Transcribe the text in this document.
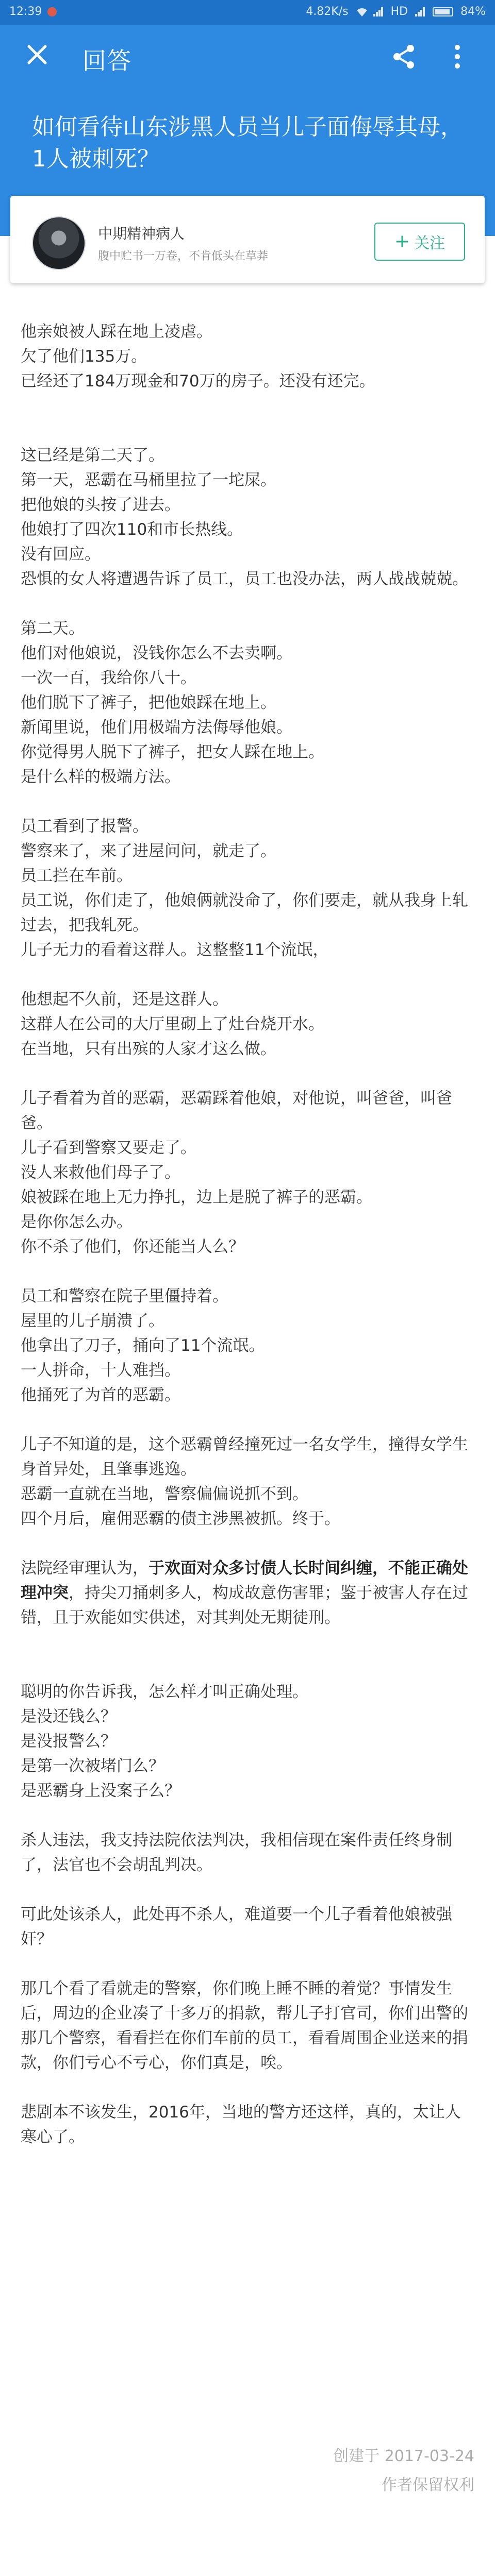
12:39	4.82K/s	HD	84%
回答
如何看待山东涉黑人员当儿子面侮辱其母，1人被刺死？
中期精神病人
腹中贮书一万卷，不肯低头在草莽
+ 关注

他亲娘被人踩在地上凌虐。
欠了他们135万。
已经还了184万现金和70万的房子。还没有还完。

这已经是第二天了。
第一天，恶霸在马桶里拉了一坨屎。
把他娘的头按了进去。
他娘打了四次110和市长热线。
没有回应。
恐惧的女人将遭遇告诉了员工，员工也没办法，两人战战兢兢。

第二天。
他们对他娘说，没钱你怎么不去卖啊。
一次一百，我给你八十。
他们脱下了裤子，把他娘踩在地上。
新闻里说，他们用极端方法侮辱他娘。
你觉得男人脱下了裤子，把女人踩在地上。
是什么样的极端方法。

员工看到了报警。
警察来了，来了进屋问问，就走了。
员工拦在车前。
员工说，你们走了，他娘俩就没命了，你们要走，就从我身上轧过去，把我轧死。
儿子无力的看着这群人。这整整11个流氓，

他想起不久前，还是这群人。
这群人在公司的大厅里砌上了灶台烧开水。
在当地，只有出殡的人家才这么做。

儿子看着为首的恶霸，恶霸踩着他娘，对他说，叫爸爸，叫爸爸。
儿子看到警察又要走了。
没人来救他们母子了。
娘被踩在地上无力挣扎，边上是脱了裤子的恶霸。
是你你怎么办。
你不杀了他们，你还能当人么？

员工和警察在院子里僵持着。
屋里的儿子崩溃了。
他拿出了刀子，捅向了11个流氓。
一人拼命，十人难挡。
他捅死了为首的恶霸。

儿子不知道的是，这个恶霸曾经撞死过一名女学生，撞得女学生身首异处，且肇事逃逸。
恶霸一直就在当地，警察偏偏说抓不到。
四个月后，雇佣恶霸的债主涉黑被抓。终于。

法院经审理认为，于欢面对众多讨债人长时间纠缠，不能正确处理冲突，持尖刀捅刺多人，构成故意伤害罪；鉴于被害人存在过错，且于欢能如实供述，对其判处无期徒刑。

聪明的你告诉我，怎么样才叫正确处理。
是没还钱么？
是没报警么？
是第一次被堵门么？
是恶霸身上没案子么？

杀人违法，我支持法院依法判决，我相信现在案件责任终身制了，法官也不会胡乱判决。

可此处该杀人，此处再不杀人，难道要一个儿子看着他娘被强奸？

那几个看了看就走的警察，你们晚上睡不睡的着觉？事情发生后，周边的企业凑了十多万的捐款，帮儿子打官司，你们出警的那几个警察，看看拦在你们车前的员工，看看周围企业送来的捐款，你们亏心不亏心，你们真是，唉。

悲剧本不该发生，2016年，当地的警方还这样，真的，太让人寒心了。

创建于 2017-03-24
作者保留权利
